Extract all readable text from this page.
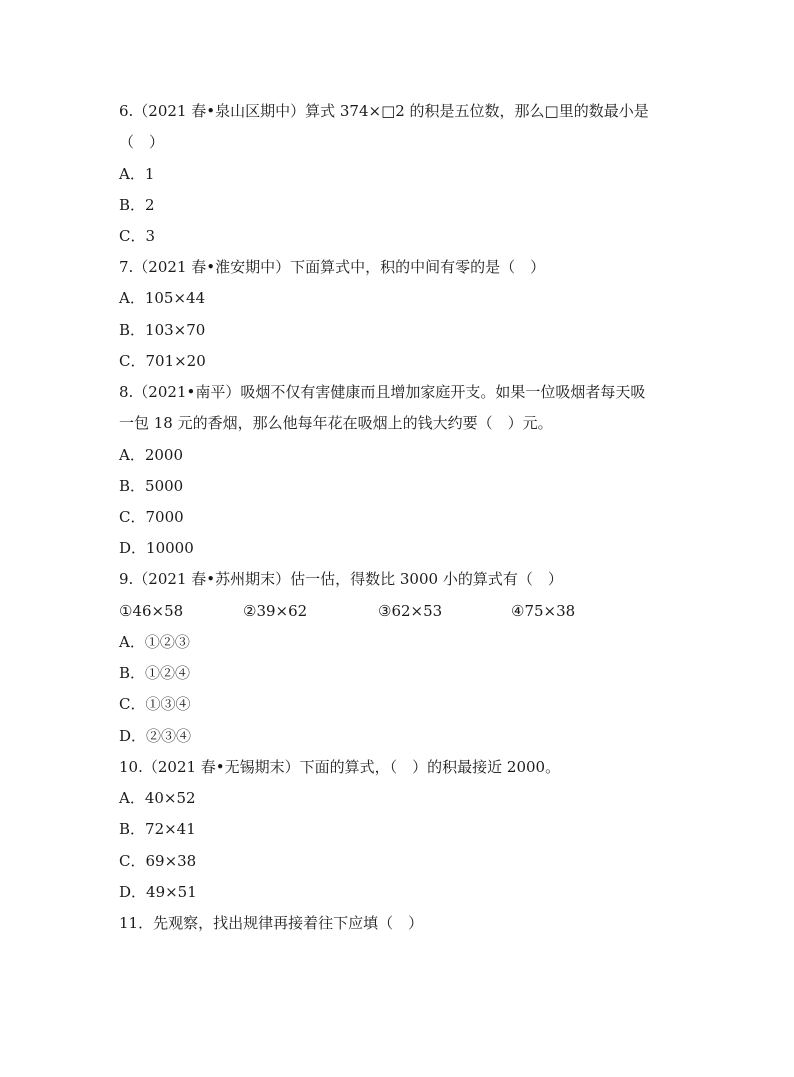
6.（2021 春•泉山区期中）算式 374×□2 的积是五位数，那么□里的数最小是
（　）
A．1
B．2
C．3
7.（2021 春•淮安期中）下面算式中，积的中间有零的是（　）
A．105×44
B．103×70
C．701×20
8.（2021•南平）吸烟不仅有害健康而且增加家庭开支。如果一位吸烟者每天吸
一包 18 元的香烟，那么他每年花在吸烟上的钱大约要（　）元。
A．2000
B．5000
C．7000
D．10000
9.（2021 春•苏州期末）估一估，得数比 3000 小的算式有（　）
①46×58	②39×62	③62×53	④75×38
A．①②③
B．①②④
C．①③④
D．②③④
10.（2021 春•无锡期末）下面的算式，（　）的积最接近 2000。
A．40×52
B．72×41
C．69×38
D．49×51
11．先观察，找出规律再接着往下应填（　）
